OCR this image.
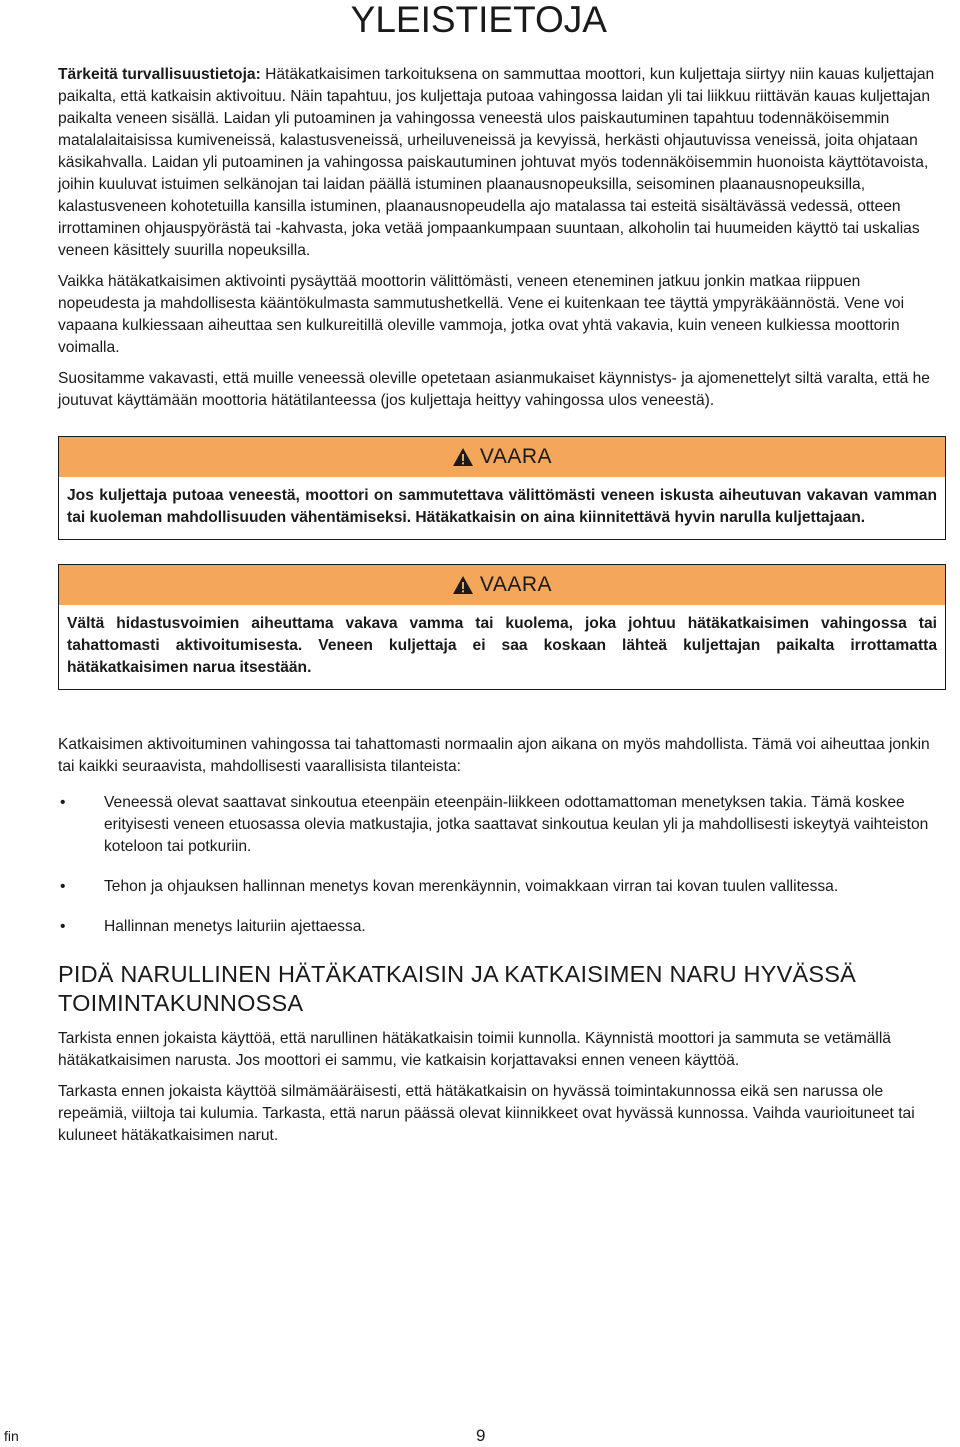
YLEISTIETOJA

Tärkeitä turvallisuustietoja: Hätäkatkaisimen tarkoituksena on sammuttaa moottori, kun kuljettaja siirtyy niin kauas kuljettajan paikalta, että katkaisin aktivoituu. Näin tapahtuu, jos kuljettaja putoaa vahingossa laidan yli tai liikkuu riittävän kauas kuljettajan paikalta veneen sisällä. Laidan yli putoaminen ja vahingossa veneestä ulos paiskautuminen tapahtuu todennäköisemmin matalalaitaisissa kumiveneissä, kalastusveneissä, urheiluveneissä ja kevyissä, herkästi ohjautuvissa veneissä, joita ohjataan käsikahvalla. Laidan yli putoaminen ja vahingossa paiskautuminen johtuvat myös todennäköisemmin huonoista käyttötavoista, joihin kuuluvat istuimen selkänojan tai laidan päällä istuminen plaanausnopeuksilla, seisominen plaanausnopeuksilla, kalastusveneen kohotetuilla kansilla istuminen, plaanausnopeudella ajo matalassa tai esteitä sisältävässä vedessä, otteen irrottaminen ohjauspyörästä tai -kahvasta, joka vetää jompaankumpaan suuntaan, alkoholin tai huumeiden käyttö tai uskalias veneen käsittely suurilla nopeuksilla.

Vaikka hätäkatkaisimen aktivointi pysäyttää moottorin välittömästi, veneen eteneminen jatkuu jonkin matkaa riippuen nopeudesta ja mahdollisesta kääntökulmasta sammutushetkellä. Vene ei kuitenkaan tee täyttä ympyräkäännöstä. Vene voi vapaana kulkiessaan aiheuttaa sen kulkureitillä oleville vammoja, jotka ovat yhtä vakavia, kuin veneen kulkiessa moottorin voimalla.

Suositamme vakavasti, että muille veneessä oleville opetetaan asianmukaiset käynnistys- ja ajomenettelyt siltä varalta, että he joutuvat käyttämään moottoria hätätilanteessa (jos kuljettaja heittyy vahingossa ulos veneestä).

VAARA
Jos kuljettaja putoaa veneestä, moottori on sammutettava välittömästi veneen iskusta aiheutuvan vakavan vamman tai kuoleman mahdollisuuden vähentämiseksi. Hätäkatkaisin on aina kiinnitettävä hyvin narulla kuljettajaan.
VAARA
Vältä hidastusvoimien aiheuttama vakava vamma tai kuolema, joka johtuu hätäkatkaisimen vahingossa tai tahattomasti aktivoitumisesta. Veneen kuljettaja ei saa koskaan lähteä kuljettajan paikalta irrottamatta hätäkatkaisimen narua itsestään.

Katkaisimen aktivoituminen vahingossa tai tahattomasti normaalin ajon aikana on myös mahdollista. Tämä voi aiheuttaa jonkin tai kaikki seuraavista, mahdollisesti vaarallisista tilanteista:

• Veneessä olevat saattavat sinkoutua eteenpäin eteenpäin-liikkeen odottamattoman menetyksen takia. Tämä koskee erityisesti veneen etuosassa olevia matkustajia, jotka saattavat sinkoutua keulan yli ja mahdollisesti iskeytyä vaihteiston koteloon tai potkuriin.
• Tehon ja ohjauksen hallinnan menetys kovan merenkäynnin, voimakkaan virran tai kovan tuulen vallitessa.
• Hallinnan menetys laituriin ajettaessa.
PIDÄ NARULLINEN HÄTÄKATKAISIN JA KATKAISIMEN NARU HYVÄSSÄ TOIMINTAKUNNOSSA

Tarkista ennen jokaista käyttöä, että narullinen hätäkatkaisin toimii kunnolla. Käynnistä moottori ja sammuta se vetämällä hätäkatkaisimen narusta. Jos moottori ei sammu, vie katkaisin korjattavaksi ennen veneen käyttöä.

Tarkasta ennen jokaista käyttöä silmämääräisesti, että hätäkatkaisin on hyvässä toimintakunnossa eikä sen narussa ole repeämiä, viiltoja tai kulumia. Tarkasta, että narun päässä olevat kiinnikkeet ovat hyvässä kunnossa. Vaihda vaurioituneet tai kuluneet hätäkatkaisimen narut.

fin	9
